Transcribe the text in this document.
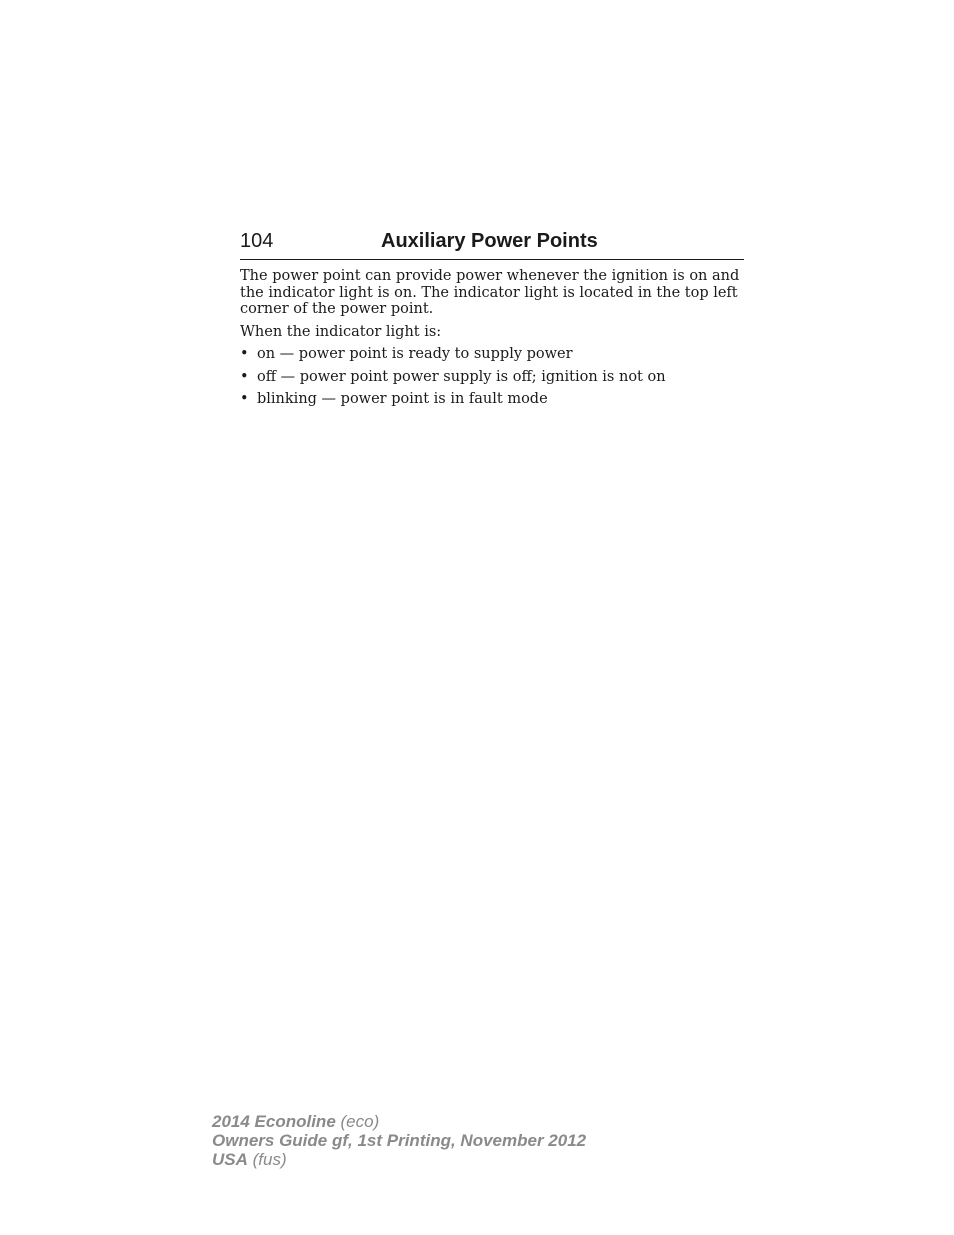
104	Auxiliary Power Points

The power point can provide power whenever the ignition is on and the indicator light is on. The indicator light is located in the top left corner of the power point.

When the indicator light is:

• on — power point is ready to supply power
• off — power point power supply is off; ignition is not on
• blinking — power point is in fault mode
2014 Econoline (eco)
Owners Guide gf, 1st Printing, November 2012
USA (fus)
